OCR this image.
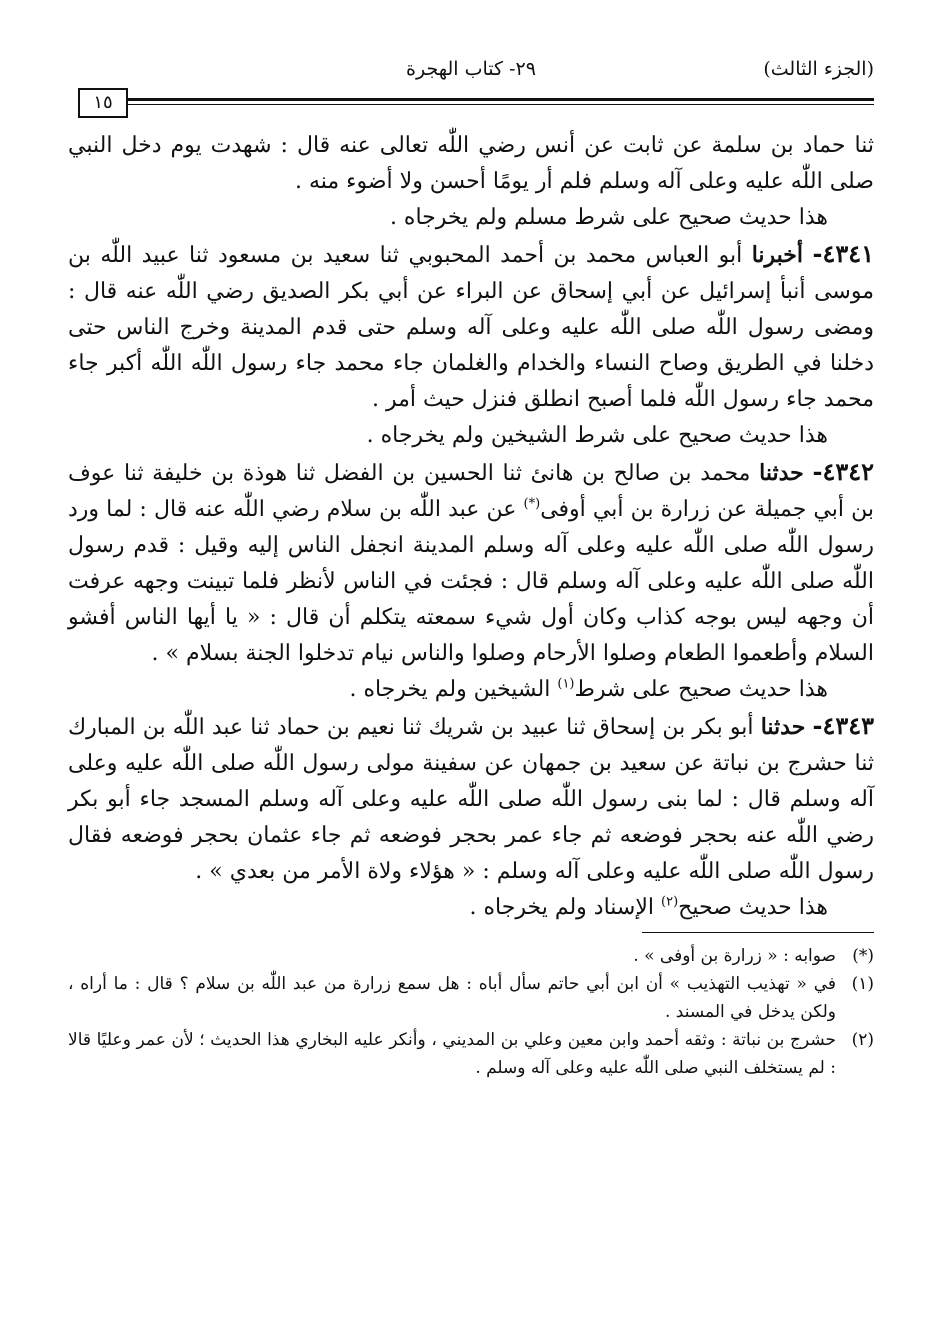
(الجزء الثالث)
٢٩- كتاب الهجرة
١٥

ثنا حماد بن سلمة عن ثابت عن أنس رضي اللّٰه تعالى عنه قال : شهدت يوم دخل النبي صلى اللّٰه عليه وعلى آله وسلم فلم أر يومًا أحسن ولا أضوء منه .

هذا حديث صحيح على شرط مسلم ولم يخرجاه .

٤٣٤١- أخبرنا أبو العباس محمد بن أحمد المحبوبي ثنا سعيد بن مسعود ثنا عبيد اللّٰه بن موسى أنبأ إسرائيل عن أبي إسحاق عن البراء عن أبي بكر الصديق رضي اللّٰه عنه قال : ومضى رسول اللّٰه صلى اللّٰه عليه وعلى آله وسلم حتى قدم المدينة وخرج الناس حتى دخلنا في الطريق وصاح النساء والخدام والغلمان جاء محمد جاء رسول اللّٰه اللّٰه أكبر جاء محمد جاء رسول اللّٰه فلما أصبح انطلق فنزل حيث أمر .

هذا حديث صحيح على شرط الشيخين ولم يخرجاه .

٤٣٤٢- حدثنا محمد بن صالح بن هانئ ثنا الحسين بن الفضل ثنا هوذة بن خليفة ثنا عوف بن أبي جميلة عن زرارة بن أبي أوفى(*) عن عبد اللّٰه بن سلام رضي اللّٰه عنه قال : لما ورد رسول اللّٰه صلى اللّٰه عليه وعلى آله وسلم المدينة انجفل الناس إليه وقيل : قدم رسول اللّٰه صلى اللّٰه عليه وعلى آله وسلم قال : فجئت في الناس لأنظر فلما تبينت وجهه عرفت أن وجهه ليس بوجه كذاب وكان أول شيء سمعته يتكلم أن قال : « يا أيها الناس أفشو السلام وأطعموا الطعام وصلوا الأرحام وصلوا والناس نيام تدخلوا الجنة بسلام » .

هذا حديث صحيح على شرط$^{(١)}$ الشيخين ولم يخرجاه .

٤٣٤٣- حدثنا أبو بكر بن إسحاق ثنا عبيد بن شريك ثنا نعيم بن حماد ثنا عبد اللّٰه بن المبارك ثنا حشرج بن نباتة عن سعيد بن جمهان عن سفينة مولى رسول اللّٰه صلى اللّٰه عليه وعلى آله وسلم قال : لما بنى رسول اللّٰه صلى اللّٰه عليه وعلى آله وسلم المسجد جاء أبو بكر رضي اللّٰه عنه بحجر فوضعه ثم جاء عمر بحجر فوضعه ثم جاء عثمان بحجر فوضعه فقال رسول اللّٰه صلى اللّٰه عليه وعلى آله وسلم : « هؤلاء ولاة الأمر من بعدي » .

هذا حديث صحيح$^{(٢)}$ الإسناد ولم يخرجاه .

(*)
صوابه : « زرارة بن أوفى » .
(١)
في « تهذيب التهذيب » أن ابن أبي حاتم سأل أباه : هل سمع زرارة من عبد اللّٰه بن سلام ؟ قال : ما أراه ، ولكن يدخل في المسند .
(٢)
حشرج بن نباتة : وثقه أحمد وابن معين وعلي بن المديني ، وأنكر عليه البخاري هذا الحديث ؛ لأن عمر وعليًا قالا : لم يستخلف النبي صلى اللّٰه عليه وعلى آله وسلم .
